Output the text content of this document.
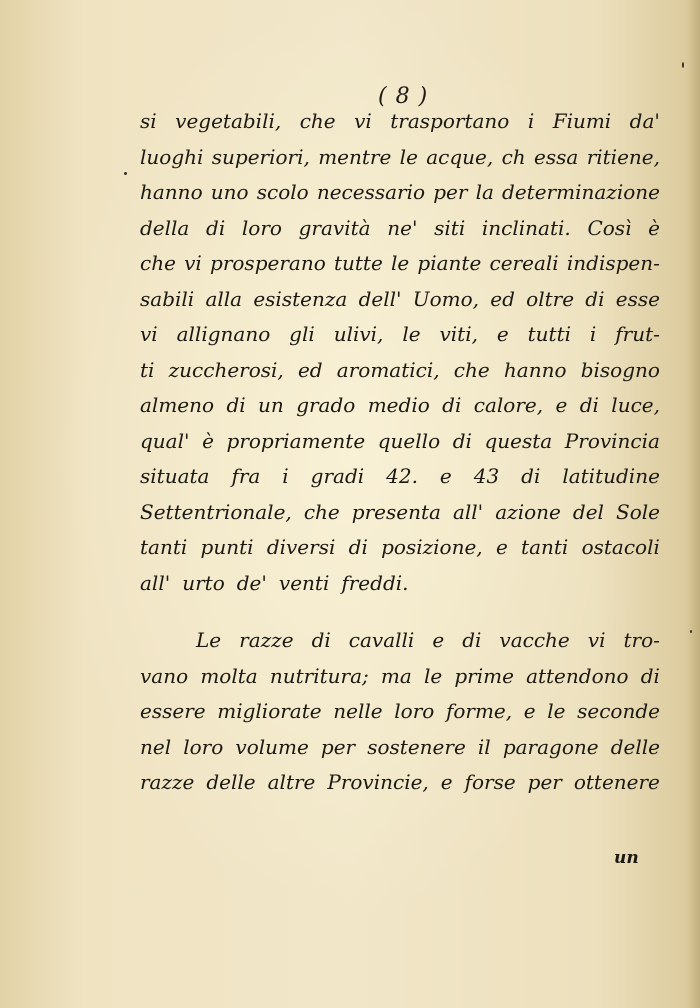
( 8 )
si vegetabili, che vi trasportano i Fiumi da'
luoghi superiori, mentre le acque, ch essa ritiene,
hanno uno scolo necessario per la determinazione
della di loro gravità ne' siti inclinati. Così è
che vi prosperano tutte le piante cereali indispen-
sabili alla esistenza dell' Uomo, ed oltre di esse
vi allignano gli ulivi, le viti, e tutti i frut-
ti zuccherosi, ed aromatici, che hanno bisogno
almeno di un grado medio di calore, e di luce,
qual' è propriamente quello di questa Provincia
situata fra i gradi 42. e 43 di latitudine
Settentrionale, che presenta all' azione del Sole
tanti punti diversi di posizione, e tanti ostacoli
all' urto de' venti freddi.
Le razze di cavalli e di vacche vi tro-
vano molta nutritura; ma le prime attendono di
essere migliorate nelle loro forme, e le seconde
nel loro volume per sostenere il paragone delle
razze delle altre Provincie, e forse per ottenere
un
